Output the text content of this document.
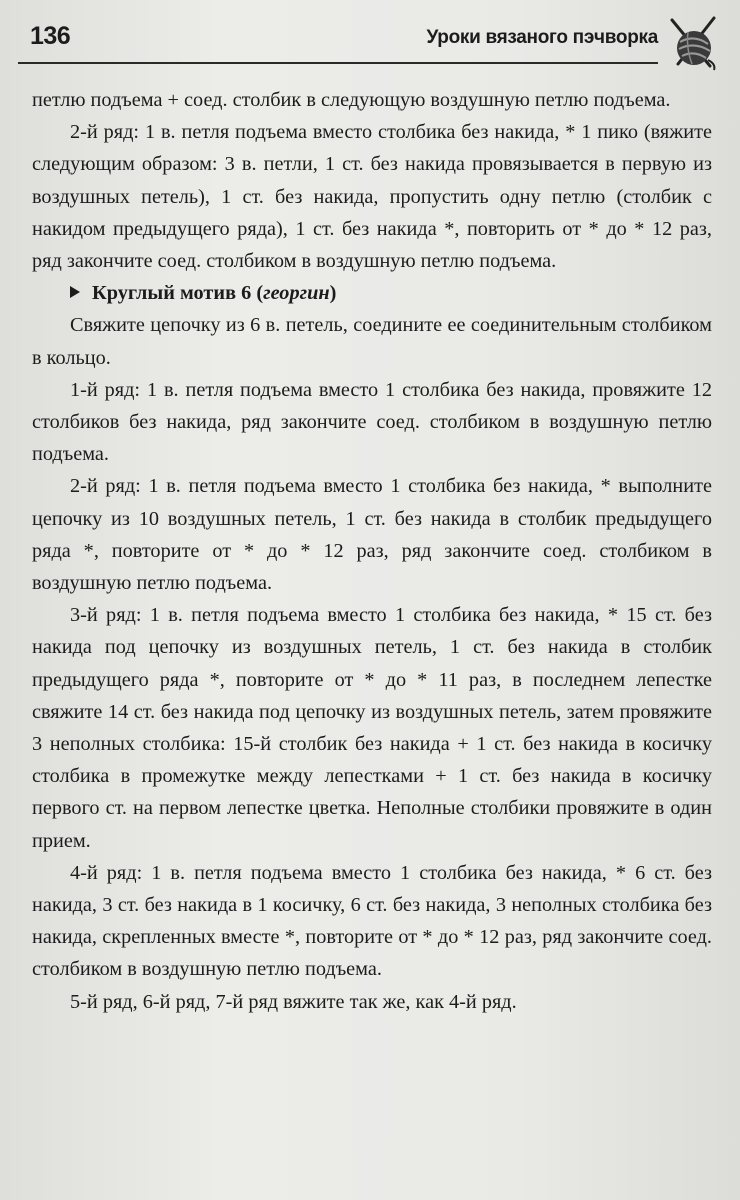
136	Уроки вязаного пэчворка

петлю подъема + соед. столбик в следующую воздушную петлю подъема.

2-й ряд: 1 в. петля подъема вместо столбика без накида, * 1 пико (вяжите следующим образом: 3 в. петли, 1 ст. без накида провязывается в первую из воздушных петель), 1 ст. без накида, пропустить одну петлю (столбик с накидом предыдущего ряда), 1 ст. без накида *, повторить от * до * 12 раз, ряд закончите соед. столбиком в воздушную петлю подъема.

Круглый мотив 6 (георгин)

Свяжите цепочку из 6 в. петель, соедините ее соединительным столбиком в кольцо.

1-й ряд: 1 в. петля подъема вместо 1 столбика без накида, провяжите 12 столбиков без накида, ряд закончите соед. столбиком в воздушную петлю подъема.

2-й ряд: 1 в. петля подъема вместо 1 столбика без накида, * выполните цепочку из 10 воздушных петель, 1 ст. без накида в столбик предыдущего ряда *, повторите от * до * 12 раз, ряд закончите соед. столбиком в воздушную петлю подъема.

3-й ряд: 1 в. петля подъема вместо 1 столбика без накида, * 15 ст. без накида под цепочку из воздушных петель, 1 ст. без накида в столбик предыдущего ряда *, повторите от * до * 11 раз, в последнем лепестке свяжите 14 ст. без накида под цепочку из воздушных петель, затем провяжите 3 неполных столбика: 15-й столбик без накида + 1 ст. без накида в косичку столбика в промежутке между лепестками + 1 ст. без накида в косичку первого ст. на первом лепестке цветка. Неполные столбики провяжите в один прием.

4-й ряд: 1 в. петля подъема вместо 1 столбика без накида, * 6 ст. без накида, 3 ст. без накида в 1 косичку, 6 ст. без накида, 3 неполных столбика без накида, скрепленных вместе *, повторите от * до * 12 раз, ряд закончите соед. столбиком в воздушную петлю подъема.

5-й ряд, 6-й ряд, 7-й ряд вяжите так же, как 4-й ряд.
